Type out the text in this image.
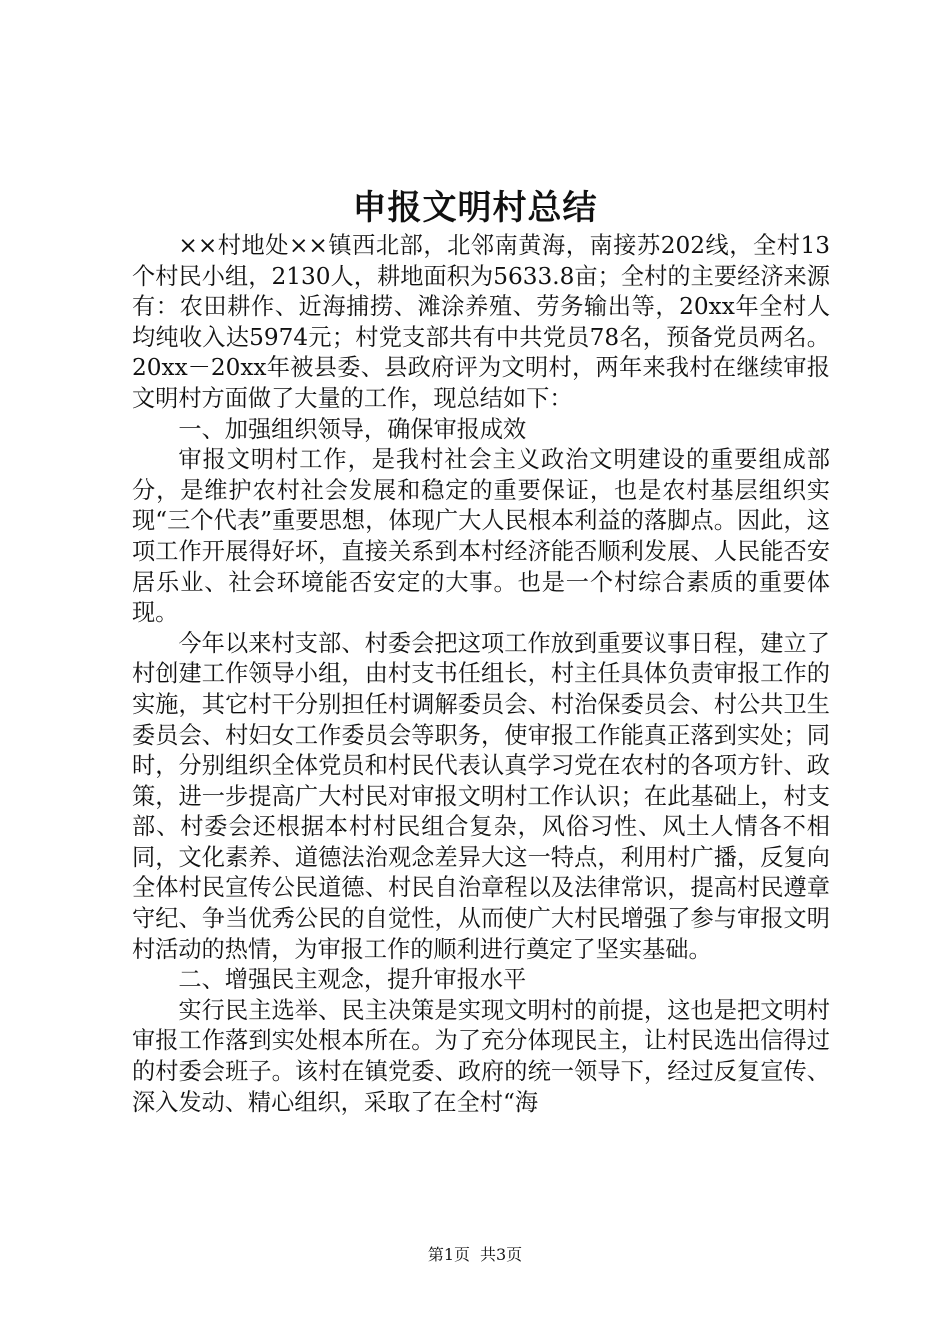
申报文明村总结

××村地处××镇西北部，北邻南黄海，南接苏202线，全村13个村民小组，2130人，耕地面积为5633.8亩；全村的主要经济来源有：农田耕作、近海捕捞、滩涂养殖、劳务输出等，20xx年全村人均纯收入达5974元；村党支部共有中共党员78名，预备党员两名。20xx－20xx年被县委、县政府评为文明村，两年来我村在继续审报文明村方面做了大量的工作，现总结如下：

一、加强组织领导，确保审报成效

审报文明村工作，是我村社会主义政治文明建设的重要组成部分，是维护农村社会发展和稳定的重要保证，也是农村基层组织实现“三个代表”重要思想，体现广大人民根本利益的落脚点。因此，这项工作开展得好坏，直接关系到本村经济能否顺利发展、人民能否安居乐业、社会环境能否安定的大事。也是一个村综合素质的重要体现。

今年以来村支部、村委会把这项工作放到重要议事日程，建立了村创建工作领导小组，由村支书任组长，村主任具体负责审报工作的实施，其它村干分别担任村调解委员会、村治保委员会、村公共卫生委员会、村妇女工作委员会等职务，使审报工作能真正落到实处；同时，分别组织全体党员和村民代表认真学习党在农村的各项方针、政策，进一步提高广大村民对审报文明村工作认识；在此基础上，村支部、村委会还根据本村村民组合复杂，风俗习性、风土人情各不相同，文化素养、道德法治观念差异大这一特点，利用村广播，反复向全体村民宣传公民道德、村民自治章程以及法律常识，提高村民遵章守纪、争当优秀公民的自觉性，从而使广大村民增强了参与审报文明村活动的热情，为审报工作的顺利进行奠定了坚实基础。

二、增强民主观念，提升审报水平

实行民主选举、民主决策是实现文明村的前提，这也是把文明村审报工作落到实处根本所在。为了充分体现民主，让村民选出信得过的村委会班子。该村在镇党委、政府的统一领导下，经过反复宣传、深入发动、精心组织，采取了在全村“海

第1页 共3页
